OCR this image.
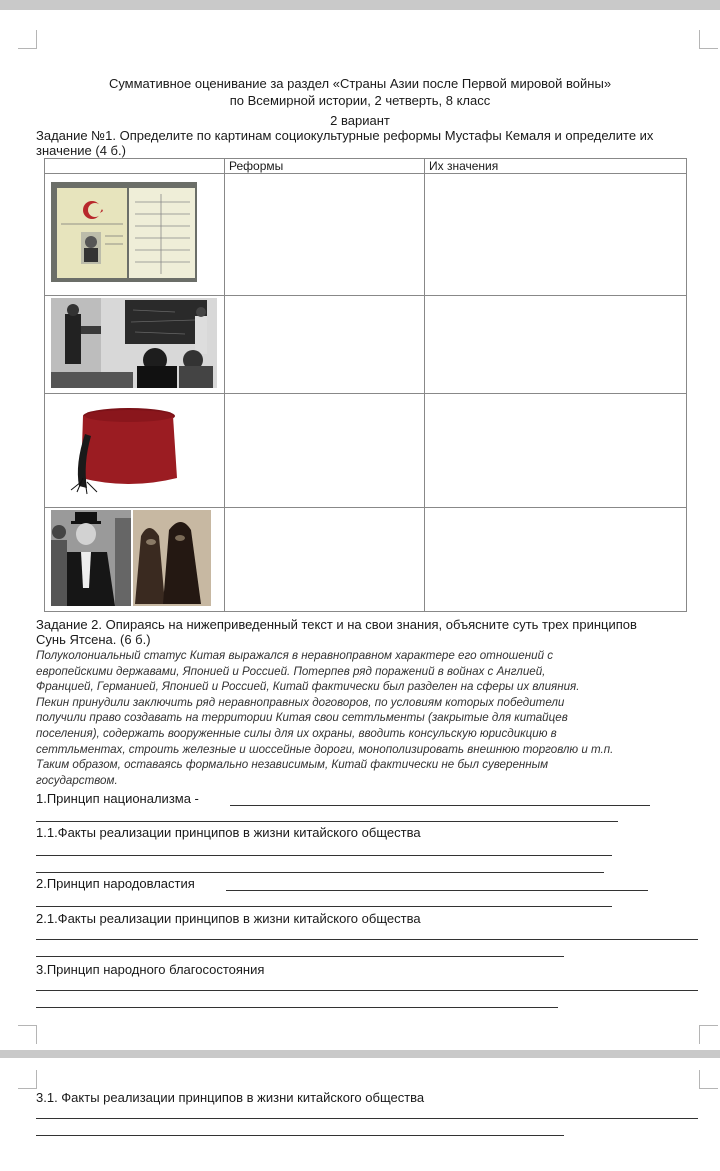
Суммативное оценивание за раздел «Страны Азии после Первой мировой войны»
по Всемирной истории, 2 четверть, 8 класс
2 вариант
Задание №1. Определите по картинам социокультурные реформы Мустафы Кемаля и определите их
значение (4 б.)
	Реформы	Их значения

Задание 2. Опираясь на нижеприведенный текст и на свои знания, объясните суть трех принципов
Сунь Ятсена. (6 б.)
Полуколониальный статус Китая выражался в неравноправном характере его отношений с
европейскими державами, Японией и Россией. Потерпев ряд поражений в войнах с Англией,
Францией, Германией, Японией и Россией, Китай фактически был разделен на сферы их влияния.
Пекин принудили заключить ряд неравноправных договоров, по условиям которых победители
получили право создавать на территории Китая свои сеттльменты (закрытые для китайцев
поселения), содержать вооруженные силы для их охраны, вводить консульскую юрисдикцию в
сеттльментах, строить железные и шоссейные дороги, монополизировать внешнюю торговлю и т.п.
Таким образом, оставаясь формально независимым, Китай фактически не был суверенным
государством.
1.Принцип национализма -
1.1.Факты реализации принципов в жизни китайского общества
2.Принцип народовластия
2.1.Факты реализации принципов в жизни китайского общества
3.Принцип народного благосостояния
3.1. Факты реализации принципов в жизни китайского общества
